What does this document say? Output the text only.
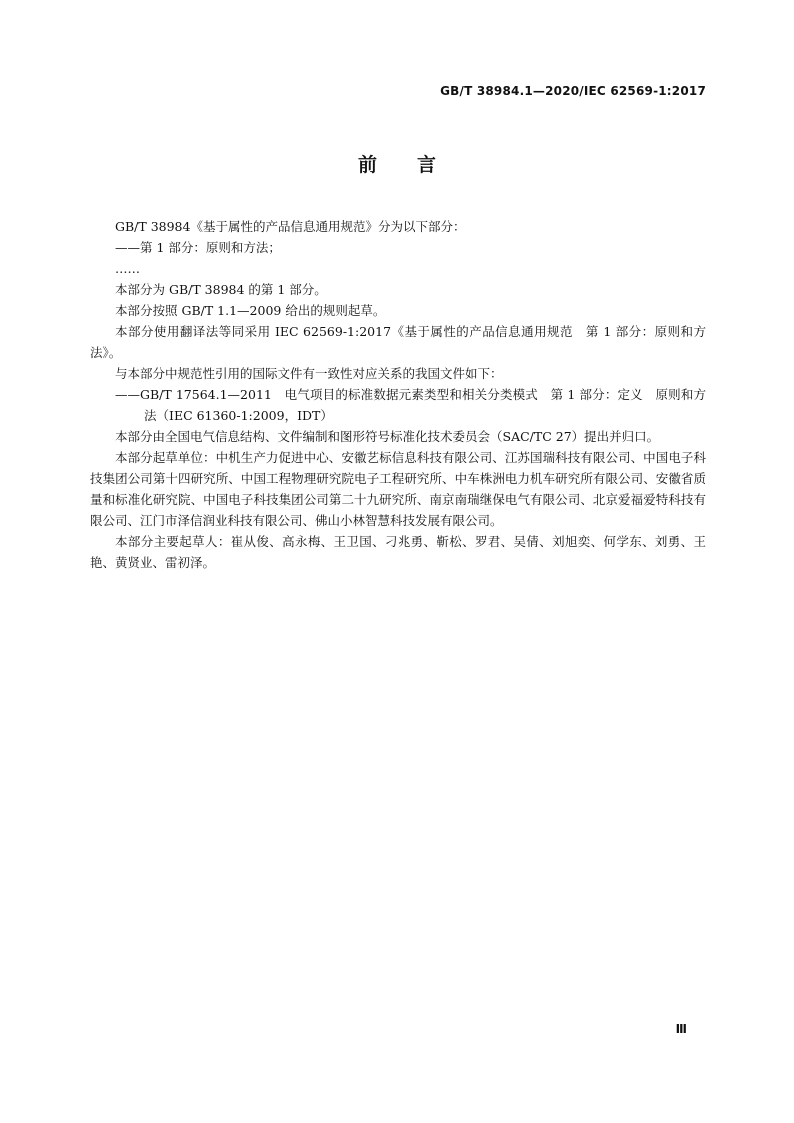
GB/T 38984.1—2020/IEC 62569-1:2017
前言

GB/T 38984《基于属性的产品信息通用规范》分为以下部分：

——第 1 部分：原则和方法；

……

本部分为 GB/T 38984 的第 1 部分。

本部分按照 GB/T 1.1—2009 给出的规则起草。

本部分使用翻译法等同采用 IEC 62569-1:2017《基于属性的产品信息通用规范　第 1 部分：原则和方法》。

与本部分中规范性引用的国际文件有一致性对应关系的我国文件如下：

——GB/T 17564.1—2011　电气项目的标准数据元素类型和相关分类模式　第 1 部分：定义　原则和方法（IEC 61360-1:2009，IDT）

本部分由全国电气信息结构、文件编制和图形符号标准化技术委员会（SAC/TC 27）提出并归口。

本部分起草单位：中机生产力促进中心、安徽艺标信息科技有限公司、江苏国瑞科技有限公司、中国电子科技集团公司第十四研究所、中国工程物理研究院电子工程研究所、中车株洲电力机车研究所有限公司、安徽省质量和标准化研究院、中国电子科技集团公司第二十九研究所、南京南瑞继保电气有限公司、北京爱福爱特科技有限公司、江门市泽信润业科技有限公司、佛山小林智慧科技发展有限公司。

本部分主要起草人：崔从俊、高永梅、王卫国、刁兆勇、靳松、罗君、吴倩、刘旭奕、何学东、刘勇、王艳、黄贤业、雷初泽。

Ⅲ
